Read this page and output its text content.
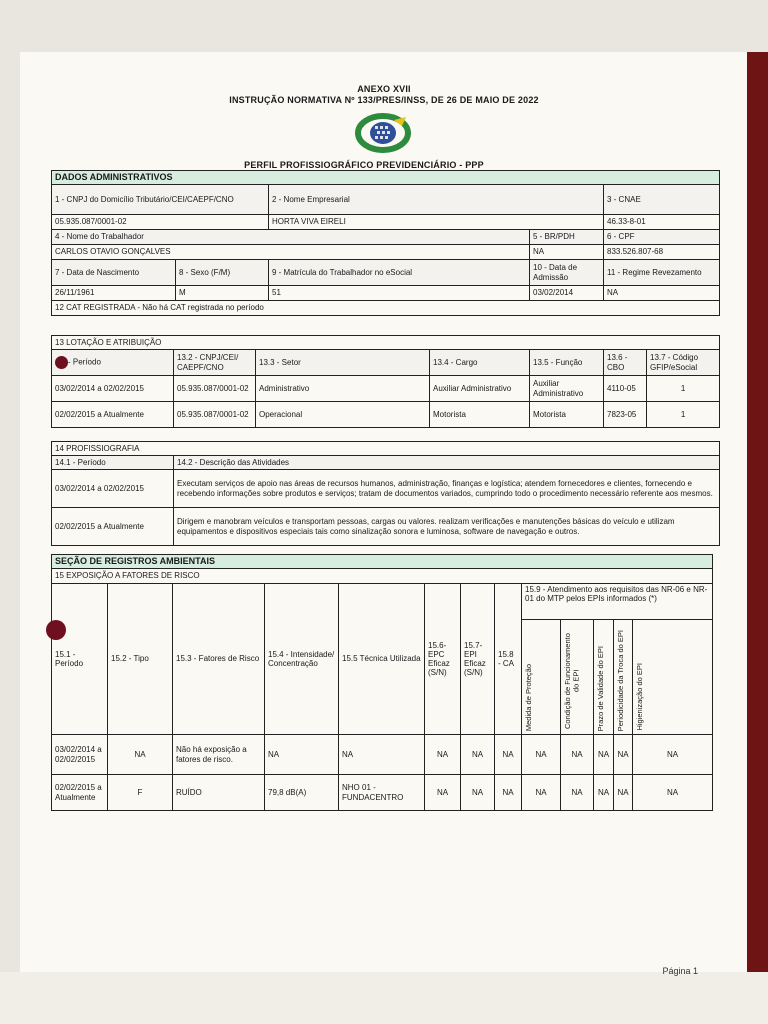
ANEXO XVII
INSTRUÇÃO NORMATIVA Nº 133/PRES/INSS, DE 26 DE MAIO DE 2022
PERFIL PROFISSIOGRÁFICO PREVIDENCIÁRIO - PPP
DADOS ADMINISTRATIVOS				
1 - CNPJ do Domicílio Tributário/CEI/CAEPF/CNO		2 - Nome Empresarial		3 - CNAE
05.935.087/0001-02		HORTA VIVA EIRELI		46.33-8-01
4 - Nome do Trabalhador			5 - BR/PDH	6 - CPF
CARLOS OTAVIO GONÇALVES			NA	833.526.807-68
7 - Data de Nascimento	8 - Sexo (F/M)	9 - Matrícula do Trabalhador no eSocial	10 - Data de Admissão	11 - Regime Revezamento
26/11/1961	M	51	03/02/2014	NA
12 CAT REGISTRADA - Não há CAT registrada no período				
13 LOTAÇÃO E ATRIBUIÇÃO						
- Período	13.2 - CNPJ/CEI/ CAEPF/CNO	13.3 - Setor	13.4 - Cargo	13.5 - Função	13.6 - CBO	13.7 - Código GFIP/eSocial
03/02/2014 a 02/02/2015	05.935.087/0001-02	Administrativo	Auxiliar Administrativo	Auxiliar Administrativo	4110-05	1
02/02/2015 a Atualmente	05.935.087/0001-02	Operacional	Motorista	Motorista	7823-05	1
14 PROFISSIOGRAFIA	
14.1 - Período	14.2 - Descrição das Atividades
03/02/2014 a 02/02/2015	Executam serviços de apoio nas áreas de recursos humanos, administração, finanças e logística; atendem fornecedores e clientes, fornecendo e recebendo informações sobre produtos e serviços; tratam de documentos variados, cumprindo todo o procedimento necessário referente aos mesmos.
02/02/2015 a Atualmente	Dirigem e manobram veículos e transportam pessoas, cargas ou valores. realizam verificações e manutenções básicas do veículo e utilizam equipamentos e dispositivos especiais tais como sinalização sonora e luminosa, software de navegação e outros.
SEÇÃO DE REGISTROS AMBIENTAIS												
15 EXPOSIÇÃO A FATORES DE RISCO												
15.1 - Período	15.2 - Tipo	15.3 - Fatores de Risco	15.4 - Intensidade/ Concentração	15.5 Técnica Utilizada	15.6- EPC Eficaz (S/N)	15.7- EPI Eficaz (S/N)	15.8 - CA	15.9 - Atendimento aos requisitos das NR-06 e NR-01 do MTP pelos EPIs informados (*)				

								Medida de Proteção	Condição de Funcionamento do EPI	Prazo de Validade do EPI	Periodicidade da Troca do EPI	Higienização do EPI

03/02/2014 a 02/02/2015	NA	Não há exposição a fatores de risco.	NA	NA	NA	NA	NA	NA	NA	NA	NA	NA
02/02/2015 a Atualmente	F	RUÍDO	79,8 dB(A)	NHO 01 - FUNDACENTRO	NA	NA	NA	NA	NA	NA	NA	NA
Página 1
